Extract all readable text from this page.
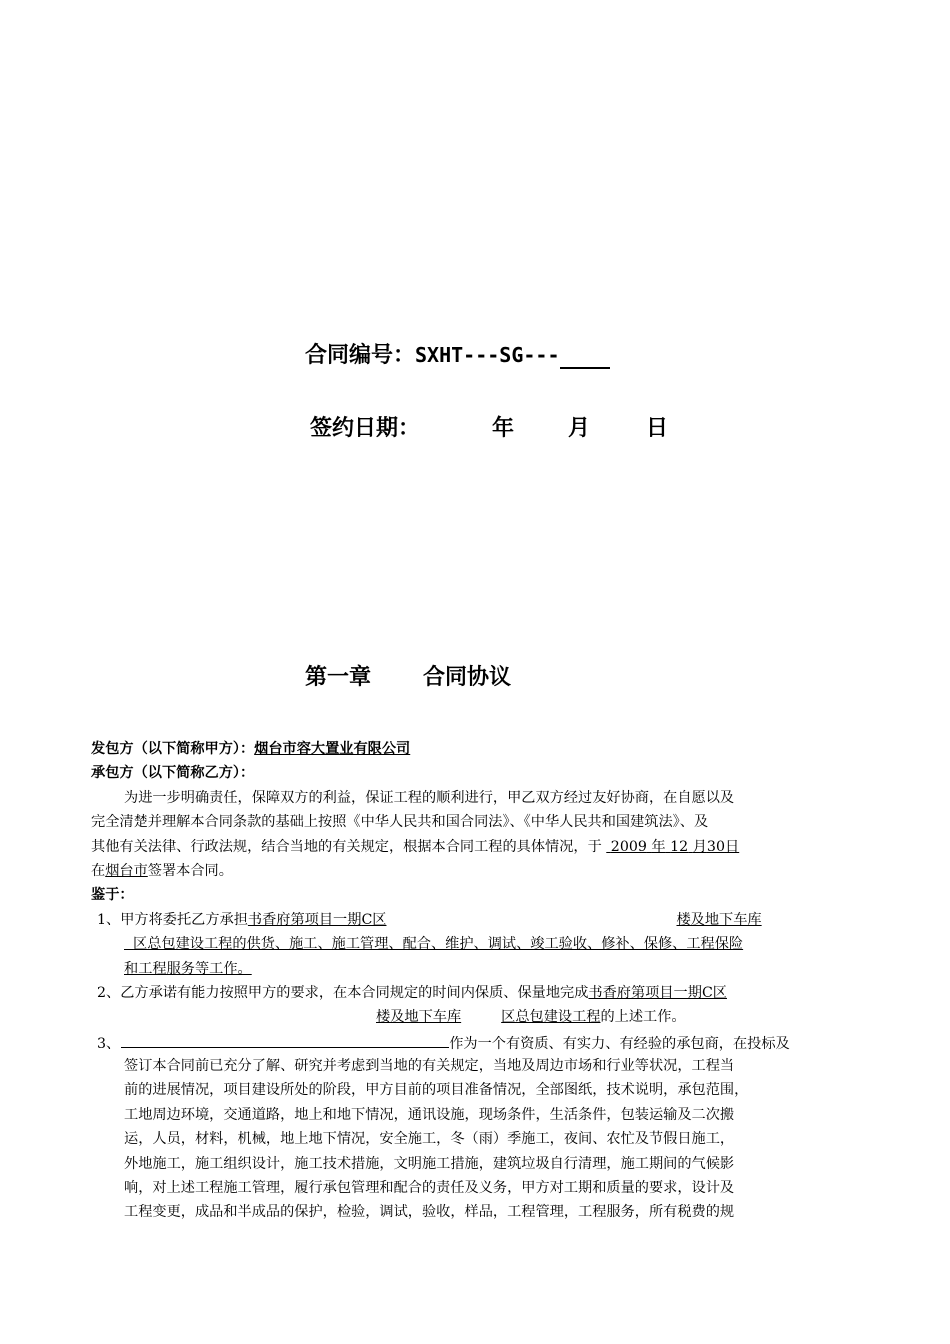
合同编号：SXHT---SG---
签约日期：	年 月	日
第一章 合同协议
发包方（以下简称甲方）：烟台市容大置业有限公司
承包方（以下简称乙方）：
为进一步明确责任，保障双方的利益，保证工程的顺利进行，甲乙双方经过友好协商，在自愿以及
完全清楚并理解本合同条款的基础上按照《中华人民共和国合同法》、《中华人民共和国建筑法》、及
其他有关法律、行政法规，结合当地的有关规定，根据本合同工程的具体情况，于 2009 年 12 月30日
在烟台市签署本合同。
鉴于：
1、甲方将委托乙方承担书香府第项目一期C区	楼及地下车库
区总包建设工程的供货、施工、施工管理、配合、维护、调试、竣工验收、修补、保修、工程保险
和工程服务等工作。
2、乙方承诺有能力按照甲方的要求，在本合同规定的时间内保质、保量地完成书香府第项目一期C区
楼及地下车库	区总包建设工程的上述工作。
3、	作为一个有资质、有实力、有经验的承包商，在投标及
签订本合同前已充分了解、研究并考虑到当地的有关规定，当地及周边市场和行业等状况，工程当
前的进展情况，项目建设所处的阶段，甲方目前的项目准备情况，全部图纸，技术说明，承包范围，
工地周边环境，交通道路，地上和地下情况，通讯设施，现场条件，生活条件，包装运输及二次搬
运，人员，材料，机械，地上地下情况，安全施工，冬（雨）季施工，夜间、农忙及节假日施工，
外地施工，施工组织设计，施工技术措施，文明施工措施，建筑垃圾自行清理，施工期间的气候影
响，对上述工程施工管理，履行承包管理和配合的责任及义务，甲方对工期和质量的要求，设计及
工程变更，成品和半成品的保护，检验，调试，验收，样品，工程管理，工程服务，所有税费的规
